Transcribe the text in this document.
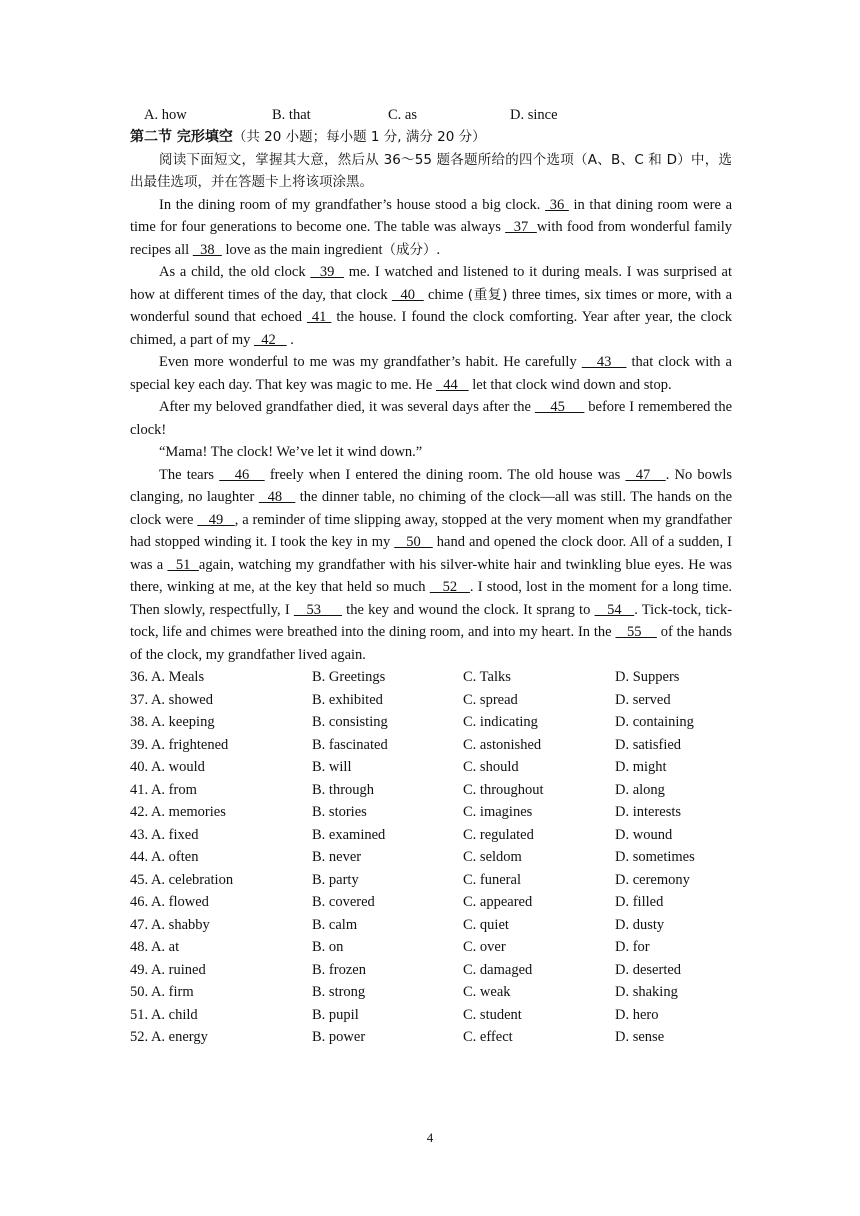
A. how	B. that	C. as	D. since
第二节 完形填空（共 20 小题；每小题 1 分, 满分 20 分）

阅读下面短文，掌握其大意，然后从 36～55 题各题所给的四个选项（A、B、C 和 D）中，选出最佳选项，并在答题卡上将该项涂黑。

In the dining room of my grandfather’s house stood a big clock.  36  in that dining room were a time for four generations to become one. The table was always   37  with food from wonderful family recipes all   38   love as the main ingredient（成分）.

As a child, the old clock   39   me. I watched and listened to it during meals. I was surprised at how at different times of the day, that clock   40   chime (重复) three times, six times or more, with a wonderful sound that echoed  41  the house. I found the clock comforting. Year after year, the clock chimed, a part of my   42    .

Even more wonderful to me was my grandfather’s habit. He carefully    43    that clock with a special key each day. That key was magic to me. He   44    let that clock wind down and stop.

After my beloved grandfather died, it was several days after the     45      before I remembered the clock!

“Mama! The clock! We’ve let it wind down.”

The tears    46    freely when I entered the dining room. The old house was   47   . No bowls clanging, no laughter   48    the dinner table, no chiming of the clock—all was still. The hands on the clock were    49   , a reminder of time slipping away, stopped at the very moment when my grandfather had stopped winding it. I took the key in my    50    hand and opened the clock door. All of a sudden, I was a   51  again, watching my grandfather with his silver-white hair and twinkling blue eyes. He was there, winking at me, at the key that held so much    52   . I stood, lost in the moment for a long time. Then slowly, respectfully, I    53      the key and wound the clock. It sprang to    54   . Tick-tock, tick-tock, life and chimes were breathed into the dining room, and into my heart. In the    55     of the hands of the clock, my grandfather lived again.

36. A. Meals	B. Greetings	C. Talks	D. Suppers
37. A. showed	B. exhibited	C. spread	D. served
38. A. keeping	B. consisting	C. indicating	D. containing
39. A. frightened	B. fascinated	C. astonished	D. satisfied
40. A. would	B. will	C. should	D. might
41. A. from	B. through	C. throughout	D. along
42. A. memories	B. stories	C. imagines	D. interests
43. A. fixed	B. examined	C. regulated	D. wound
44. A. often	B. never	C. seldom	D. sometimes
45. A. celebration	B. party	C. funeral	D. ceremony
46. A. flowed	B. covered	C. appeared	D. filled
47. A. shabby	B. calm	C. quiet	D. dusty
48. A. at	B. on	C. over	D. for
49. A. ruined	B. frozen	C. damaged	D. deserted
50. A. firm	B. strong	C. weak	D. shaking
51. A. child	B. pupil	C. student	D. hero
52. A. energy	B. power	C. effect	D. sense
4
